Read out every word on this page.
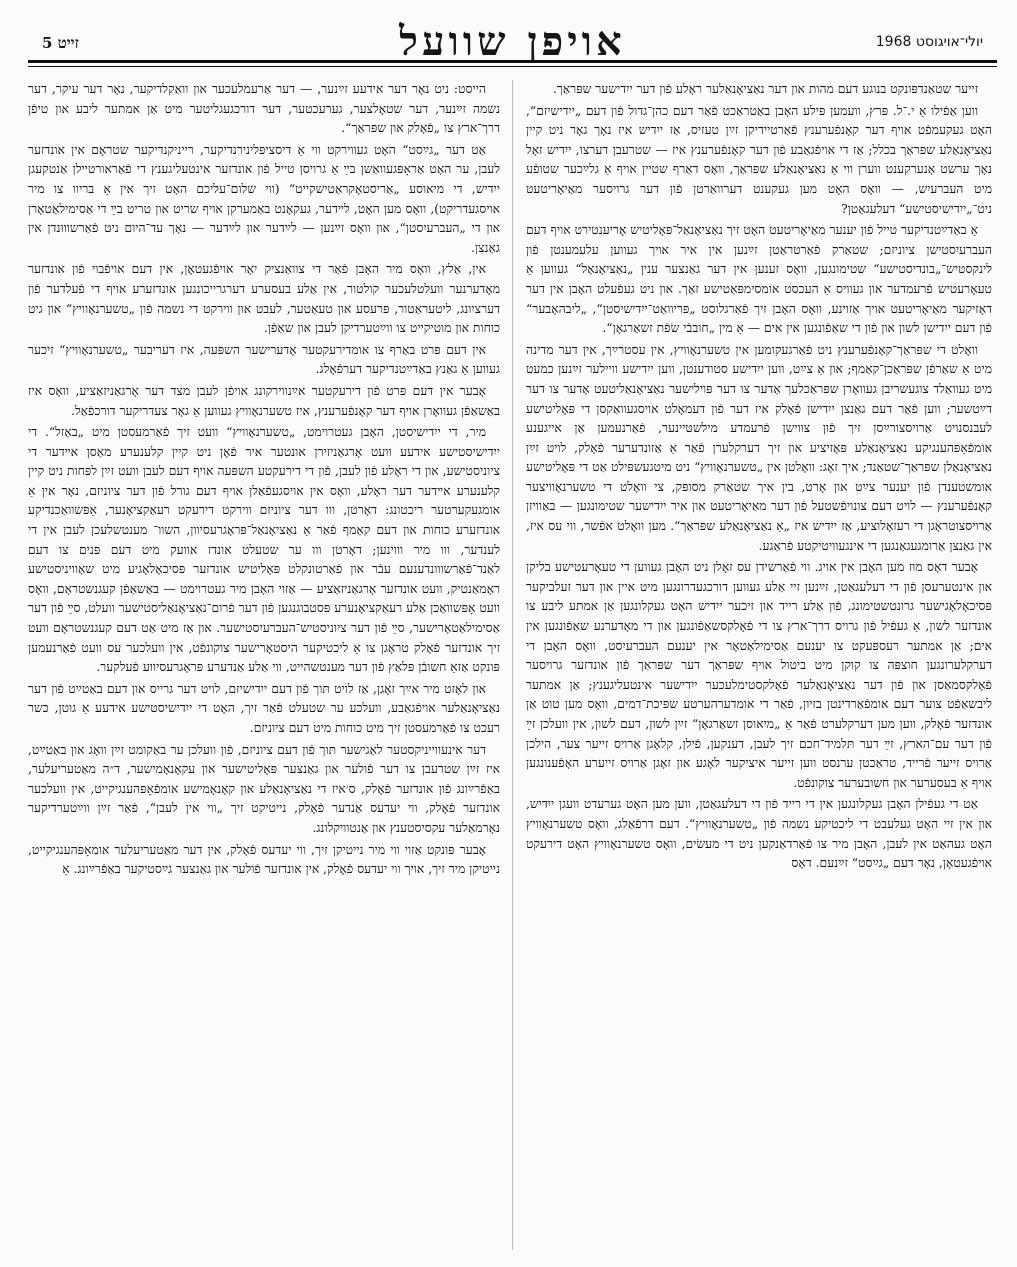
זייט 5	אויפן שוועל	יולי־אויגוסט 1968

זייער שטאַנדפּונקט בנוגע דעם מהות און דער נאַציאָנאַלער ראָלע פֿון דער ייִדישער שפּראַך.

ווען אַפֿילו אַ י.־ל. פּרץ, וועמען פּילע האָבן באַטראַכט פֿאַר דעם כהן־גדול פֿון דעם „ייִדישיזם“, האָט געקעמפֿט אויף דער קאָנפֿערענץ פֿאַרטיידיקן זײַן טעזיס, אַז ייִדיש איז נאָך גאָר ניט קיין נאַציאָנאַלע שפּראַך בכלל; אַז די אויפֿגאַבע פֿון דער קאָנפֿערענץ איז — שטרעבן דערצו, ייִדיש זאָל נאָך ערשט אָנערקענט ווערן ווי אַ נאַציאָנאַלע שפּראַך, וואָס דאַרף שטיין אויף אַ גלײַכער שטופֿע מיט העברעיִש, — וואָס האָט מען געקענט דערוואַרטן פֿון דער גרויסער מאַיאָריטעט ניט־„ייִדישיסטישע“ דעלעגאַטן?

אַ באַדײַטנדיקער טייל פֿון יענער מאַיאָריטעט האָט זיך נאַציאָנאַל־פּאָליטיש אָריענטירט אויף דעם העברעיִסטישן ציוניזם; שטאַרק פֿאַרטראַטן זײַנען אין איר אויך געווען עלעמענטן פֿון לינקסטיש־„בונדיסטישע“ שטימונגען, וואָס זענען אין דער גאַנצער ענין „נאַציאָנאַל“ געווען אַ טעאָרעטיש פֿרעמדער און געוויס אַ העכסט אומסימפּאַטישע זאַך. און ניט געפֿעלט האָבן אין דער דאָזיקער מאַיאָריטעט אויך אַזוינע, וואָס האָבן זיך פֿאַרגלוסט „פּריוואַט־ייִדישיסטן“, „ליבהאָבער“ פֿון דעם ייִדישן לשון און פֿון די שאַפֿונגען אין אים — אַ מין „חובבֿי שׂפֿת זשאַרגאָן“.

וואָלט די שפּראַך־קאָנפֿערענץ ניט פֿאַרגעקומען אין טשערנאָוויץ, אין עסטרײַך, אין דער מדינה מיט אַ שאַרפֿן שפּראַכן־קאַמף; און אַ צײַט, ווען ייִדישע סטודענטן, ווען ייִדישע וויילער זײַנען כמעט מיט געוואַלד צוגעשריבן געוואָרן שפּראַכלעך אַדער צו דער פּוילישער נאַציאָנאַליטעט אָדער צו דער דײַטשער; ווען פֿאַר דעם גאַנצן ייִדישן פֿאָלק איז דער פֿון דעמאָלט אויסגעוואַקסן די פּאָליטישע לעבנסנויט אַרויסצורײַסן זיך פֿון צווישן פֿרעמדע מילשטיינער, פֿאַרנעמען אַן אייגענע אומפֿאַפּהענגיקע נאַציאָנאַלע פּאָזיציע און זיך דערקלערן פֿאַר אַ אַזונדערער פֿאָלק, לויט זײַן נאַציאָנאַלן שפּראַך־שטאַנד; איך זאָג: וואָלטן אין „טשערנאָוויץ“ ניט מיטגעשפּילט אַט די פּאָליטישע אומשטענדן פֿון יענער צײַט און אָרט, בין איך שטאַרק מסופּק, צי וואָלט די טשערנאָוויצער קאָנפֿערענץ — לויט דעם צונויפֿשטעל פֿון דער מאַיאָריטעט און איר ייִדישער שטימונגען — באַוויזן אַרויסצוטראָגן די רעזאָלוציע, אַז ייִדיש איז „אַ נאַציאָנאַלע שפּראַך“. מען וואָלט אפֿשר, ווי עס איז, אין גאַנצן אַרומגעגאַנגען די אינגעוויטיקטע פֿראַגע.

אָבער דאָס מוז מען האָבן אין אויג. ווי פֿאַרשידן עס זאָלן ניט האָבן געווען די טעאָרעטישע בליקן און אינטערעסן פֿון די דעלעגאַטן, זײַנען זיי אַלע געווען דורכגעדרונגען מיט איין און דער זעלביקער פּסיכאָלאָגישער גרונטשטימונג, פֿון אַלע רייד און זיכער ייִדיש האָט געקלונגען אַן אמתע ליבע צו אונדזער לשון, אַ געפֿיל פֿון גרויס דרך־ארץ צו די פֿאָלקסשאַפֿונגען און די מאָדערנע שאַפֿונגען אין אים; אַן אמתער רעספּעקט צו יענעם אַסימילאַטאָר אין יענעם העברעיִסט, וואָס האָבן די דערקלערונגען חוצפּה צו קוקן מיט ביטול אויף שפּראַך דער שפּראַך פֿון אונדזער גרויסער פֿאָלקסמאַסן און פֿון דער נאַציאָנאַלער פֿאָלקסטימלעכער ייִדישער אינטעליגענץ; אַן אמתער ליבשאַפֿט צוער דעם אומפֿאַרדינטן בזיון, פֿאַר די אומדערהערטע שפּיכת־דמים, וואָס מען טוט אַן אונדזער פֿאָלק, ווען מען דערקלערט פֿאַר אַ „מיאוסן זשאַרגאָן“ זײַן לשון, דעם לשון, אין וועלכן זײַ פֿון דער עם־הארץ, זײַ דער תּלמיד־חכם זיך לעבן, דענקען, פֿילן, קלאָגן אַרויס זייער צער, הילכן אַרויס זייער פֿרייד, טראַכטן ערנסט ווען זייער איציקער לאָגע און זאָגן אַרויס זייערע האָפֿענונגען אויף אַ בעסערער און חשובערער צוקונפֿט.

אַט די געפֿילן האָבן געקלונגען אין די רייד פֿון די דעלעגאַטן, ווען מען האָט גערעדט וועגן ייִדיש, און אין זיי האָט געלעבט די ליכטיקע נשמה פֿון „טשערנאָוויץ“. דעם דרפֿאַלג, וואָס טשערנאָוויץ האָט געהאַט אין לעבן, האָבן מיר צו פֿאַרדאַנקען ניט די מעשׂים, וואָס טשערנאָוויץ האָט דירעקט אויפֿגעטאָן, נאָר דעם „גײַסט“ זײַנעם. דאָס

הייסט: ניט נאָר דער אידעע זײַנער, — דער אַרעמלעכער און וואַקלדיקער, נאָר דער עיקר, דער נשמה זײַנער, דער שטאָלצער, גערעכטער, דער דורכגעגליטער מיט אַן אמתער ליבע און טיפֿן דרך־ארץ צו „פֿאָלק און שפּראַך“.

אַט דער „גײַסט“ האָט געווירקט ווי אַ דיסציפּלינירנדיקער, רייניקנדיקער שטראָם אין אונדזער לעבן, ער האָט אַראָפּגעוואַשן בײַ אַ גרויסן טייל פֿון אונדזער אינטעליגענץ די פֿאַראורטיילן אַנטקעגן ייִדיש, די מיאוסע „אַריסטאָקראַטישקייט“ (ווי שלום־עליכם האָט זיך אין אַ בריוו צו מיר אויסגעדריקט), וואָס מען האָט, לײדער, געקאָנט באַמערקן אויף שריט און טריט בײַ די אַסימילאַטאָרן און די „העברעיִסטן“, און וואָס זײַנען — לײַדער און לײַדער — נאָך עד־היום ניט פֿאַרשוווּנדן אין גאַנצן.

אין, אַלץ, וואָס מיר האָבן פֿאַר די צוואַנציק יאָר אויפֿגעטאָן, אין דעם אויפֿבוי פֿון אונדזער מאָדערנער וועלטלעכער קולטור, אין אַלע בעסערע דערגרייכונגען אונדזערע אויף די פֿעלדער פֿון דערציִונג, ליטעראַטור, פּרעסע און טעאַטער, לעבט און ווירקט די נשמה פֿון „טשערנאָוויץ“ און גיט כוחות און מוטיקייט צו ווײַטערדיקן לעבן און שאַפֿן.

אין דעם פּרט באַרף צו אומדירעקטער אָדערישער השפּעה, איז דעריבער „טשערנאָוויץ“ זיכער געווען אַ גאַנץ באַדײַטנדיקער דערפֿאָלג.

אָבער אין דעם פּרט פֿון דירעקטער אײַנווירקונג אויפֿן לעבן מצד דער אָרגאַניזאַציע, וואָס איז באַשאַפֿן געוואָרן אויף דער קאָנפֿערענץ, איז טשערנאָוויץ געווען אַ גאָר צעדריקער דורכפֿאַל.

מיר, די ייִדישיסטן, האָבן געטרוימט, „טשערנאָוויץ“ וועט זיך פֿאַרמעסטן מיט „באַזל“. די ייִדישיסטישע אידעע וועט אָרגאַניזירן אונטער איר פֿאָן ניט קיין קלענערע מאַסן אײדער די ציוניסטישע, און די ראָלע פֿון לעבן, פֿון די דירעקטע השפּעה אויף דעם לעבן וועט זײַן לפּחות ניט קיין קלענערע אײדער דער ראָלע, וואָס אין אויסגעפֿאַלן אויף דעם גורל פֿון דער ציוניזם, נאָר אין אַ אומגעקערטער ריכטונג: דאָרטן, ווו דער ציוניזם ווירקט דירעקט רעאַקציאָנער, אַפּשוואַכנדיקע אונדזערע כוחות און דעם קאַמף פֿאַר אַ נאַציאָנאַל־פּראָגרעסיוון, השוו־ מענטשלעכן לעבן אין די לענדער, ווו מיר וווינען; דאָרטן ווו ער שטעלט אונדז אוועק מיט דעם פּנים צו דעם לאַנד־פֿאַרשווונדענעם עבֿר און פֿאַרטונקלט פּאָליטיש אונדזער פּסיכאָלאָגיע מיט שאָוויניסטישע ראָמאַנטיק, וועט אונדזער אָרגאַניזאַציע — אַזוי האָבן מיר געטרוימט — באַשאַפֿן קעגנשטראָם, וואָס וועט אָפּשוואַכן אַלע רעאַקציאָנערע פּסטבוגנגען פֿון דער פֿרום־נאַציאָנאַליסטישער וועלט, סײַ פֿון דער אַסימילאַטאָרישער, סײַ פֿון דער ציוניסטיש־העברעיִסטישער. און אַז מיט אַט דעם קעגנשטראָם וועט זיך אונדזער פֿאָלק טראָגן צו אַ ליכטיקער היסטאָרישער צוקונפֿט, אין וועלכער עס וועט פֿאַרנעמען פּונקט אַזאַ חשובֿן פּלאַץ פֿון דער מענטשהייט, ווי אַלע אַנדערע פּראָגרעסיווע פֿעלקער.

און לאָזט מיר אײַך זאָגן, אַז לויט תּוך פֿון דעם ייִדישיזם, לויט דער גרייס און דעם באַטײַט פֿון דער נאַציאָנאַלער אויפֿגאַבע, וועלכע ער שטעלט פֿאַר זיך, האָט די ייִדישיסטישע אידעע אַ גוטן, כשר רעכט צו פֿאַרמעסטן זיך מיט כוחות מיט דעם ציוניזם.

דער אינעווייניקסטער לאַגישער תּוך פֿון דעם ציוניזם, פֿון וועלכן ער באַקומט זײַן וואָג און באַטײַט, איז זײַן שטרעבן צו דער פֿולער און גאַנצער פּאָליטישער און עקאָנאָמישער, ד״ה מאַטעריעלער, באַפֿרײַונג פֿון אונדזער פֿאָלק, ס׳איז די נאַציאָנאַלע און קאָנאָמישע אומפֿאָפּהענגיקייט, אין וועלכער אונדזער פֿאָלק, ווי יעדעס אַנדער פֿאָלק, נייטיקט זיך „ווי אין לעבן“, פֿאַר זײַן ווײַטערדיקער נאָרמאַלער עקסיסטענץ און אַנטוויקלונג.

אָבער פּונקט אַזוי ווי מיר נייטיקן זיך, ווי יעדעס פֿאָלק, אין דער מאַטעריעלער אומאָפּהענגיקייט, נייטיקן מיר זיך, אויך ווי יעדעס פֿאָלק, אין אונדזער פֿולער און גאַנצער גײַסטיקער באַפֿרײַונג. אַ
